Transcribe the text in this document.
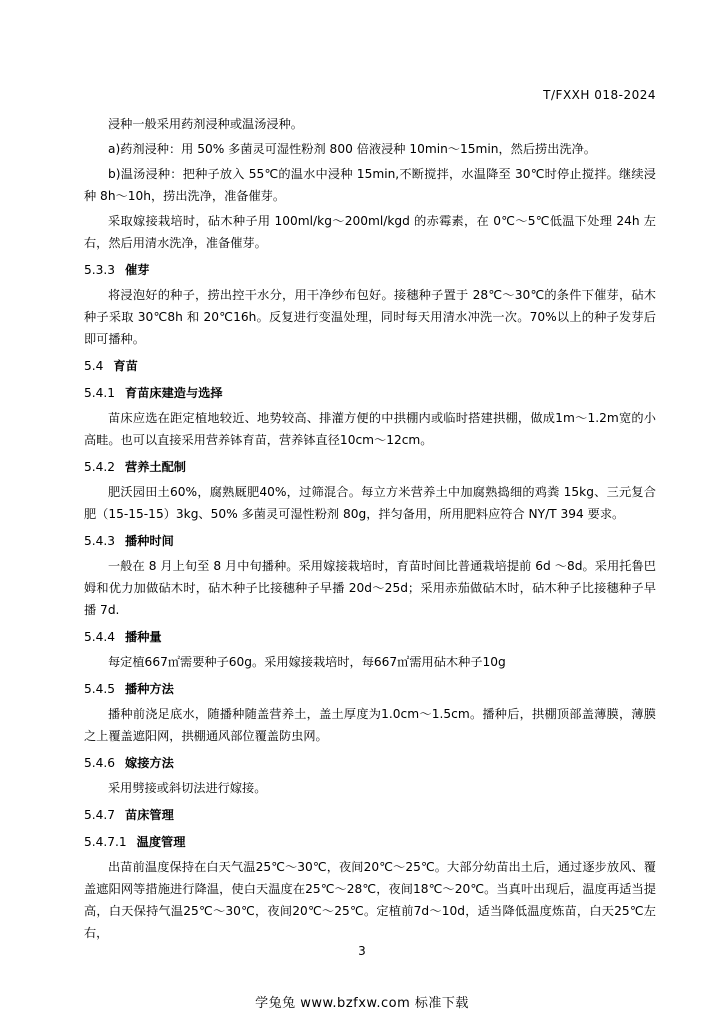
T/FXXH 018-2024
浸种一般采用药剂浸种或温汤浸种。
a)药剂浸种：用 50% 多菌灵可湿性粉剂 800 倍液浸种 10min～15min，然后捞出洗净。
b)温汤浸种：把种子放入 55℃的温水中浸种 15min,不断搅拌，水温降至 30℃时停止搅拌。继续浸种 8h～10h，捞出洗净，准备催芽。
采取嫁接栽培时，砧木种子用 100ml/kg～200ml/kgd 的赤霉素，在 0℃～5℃低温下处理 24h 左右，然后用清水洗净，准备催芽。
5.3.3 催芽
将浸泡好的种子，捞出控干水分，用干净纱布包好。接穗种子置于 28℃～30℃的条件下催芽，砧木种子采取 30℃8h 和 20℃16h。反复进行变温处理，同时每天用清水冲洗一次。70%以上的种子发芽后即可播种。
5.4 育苗
5.4.1 育苗床建造与选择
苗床应选在距定植地较近、地势较高、排灌方便的中拱棚内或临时搭建拱棚，做成1m～1.2m宽的小高畦。也可以直接采用营养钵育苗，营养钵直径10cm～12cm。
5.4.2 营养土配制
肥沃园田土60%，腐熟厩肥40%，过筛混合。每立方米营养土中加腐熟捣细的鸡粪 15kg、三元复合肥（15-15-15）3kg、50% 多菌灵可湿性粉剂 80g，拌匀备用，所用肥料应符合 NY/T 394 要求。
5.4.3 播种时间
一般在 8 月上旬至 8 月中旬播种。采用嫁接栽培时，育苗时间比普通栽培提前 6d ～8d。采用托鲁巴姆和优力加做砧木时，砧木种子比接穗种子早播 20d～25d；采用赤茄做砧木时，砧木种子比接穗种子早播 7d.
5.4.4 播种量
每定植667㎡需要种子60g。采用嫁接栽培时，每667㎡需用砧木种子10g
5.4.5 播种方法
播种前浇足底水，随播种随盖营养土，盖土厚度为1.0cm～1.5cm。播种后，拱棚顶部盖薄膜，薄膜之上覆盖遮阳网，拱棚通风部位覆盖防虫网。
5.4.6 嫁接方法
采用劈接或斜切法进行嫁接。
5.4.7 苗床管理
5.4.7.1 温度管理
出苗前温度保持在白天气温25℃～30℃，夜间20℃～25℃。大部分幼苗出土后，通过逐步放风、覆盖遮阳网等措施进行降温，使白天温度在25℃～28℃，夜间18℃～20℃。当真叶出现后，温度再适当提高，白天保持气温25℃～30℃，夜间20℃～25℃。定植前7d～10d，适当降低温度炼苗，白天25℃左右，
3
学兔兔 www.bzfxw.com 标准下载
